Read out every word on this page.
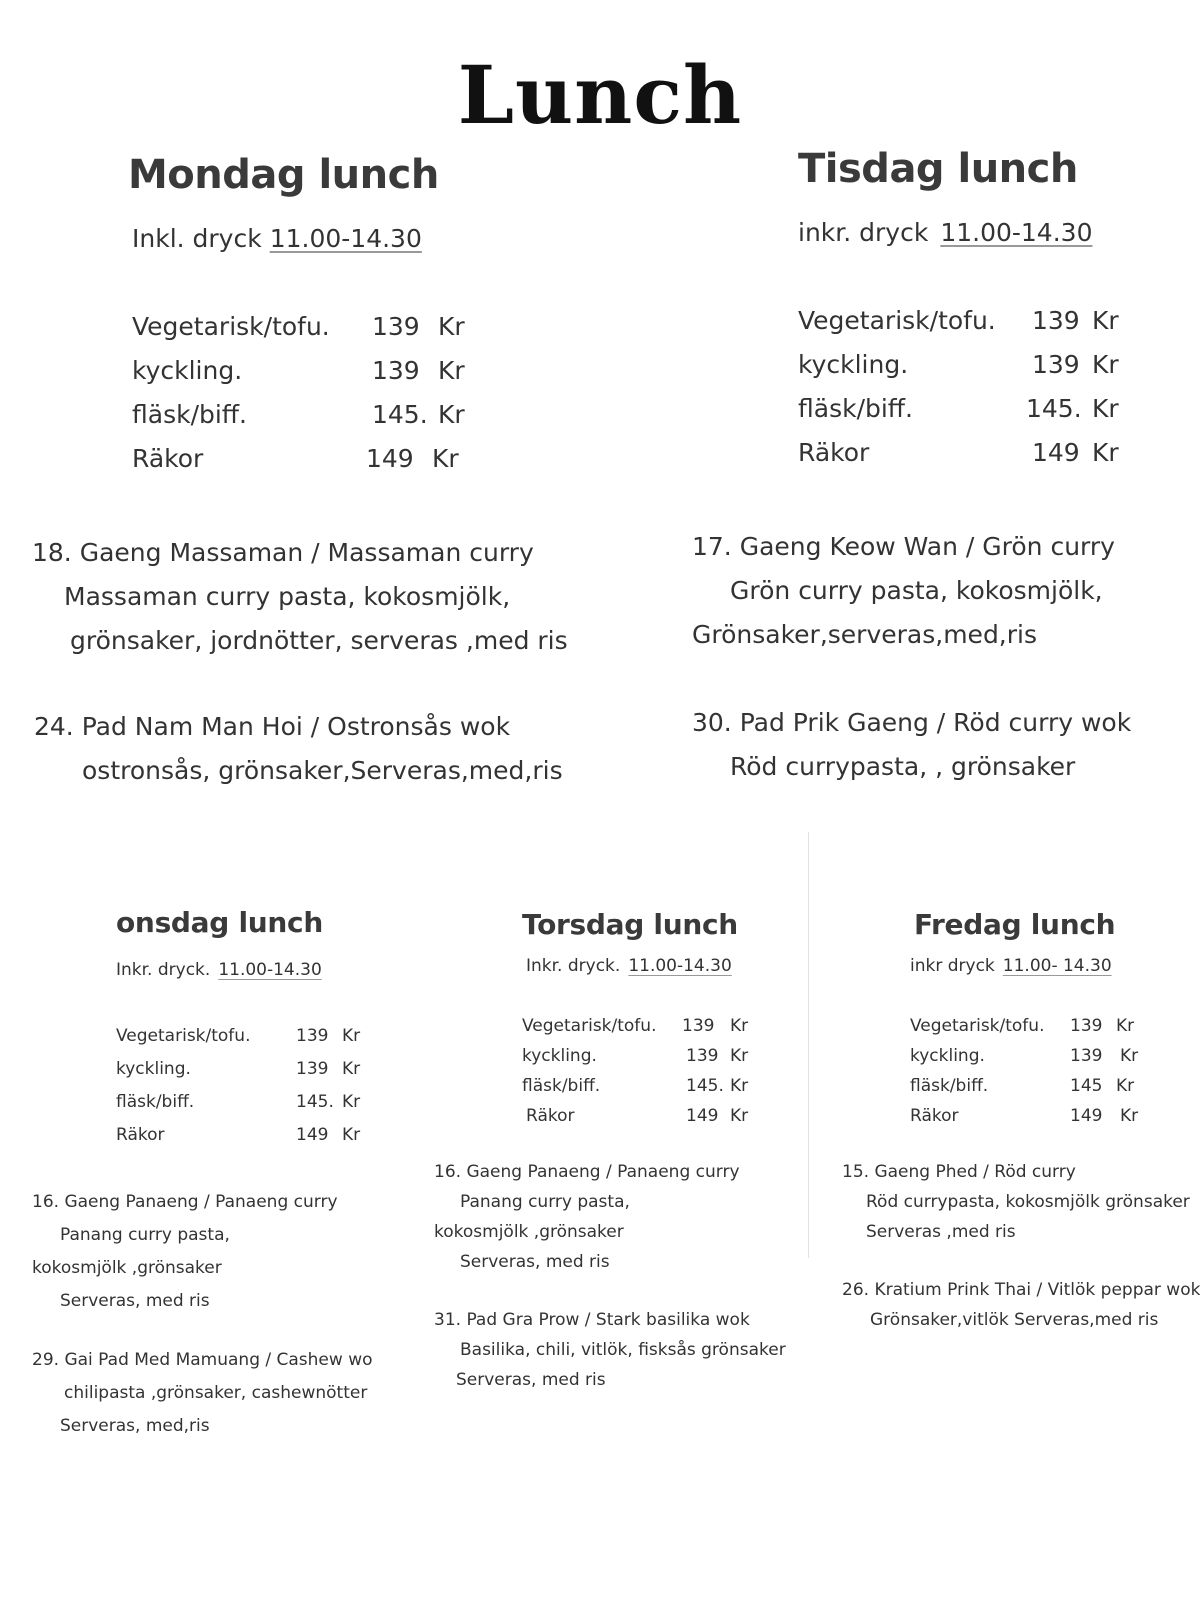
Lunch
Mondag lunch
Inkl. dryck 11.00-14.30
Vegetarisk/tofu. 139 Kr
kyckling.	139 Kr
fläsk/biff.	145. Kr
Räkor	149 Kr
18. Gaeng Massaman / Massaman curry
Massaman curry pasta, kokosmjölk,
grönsaker, jordnötter, serveras ,med ris
24. Pad Nam Man Hoi / Ostronsås wok
ostronsås, grönsaker,Serveras,med,ris
Tisdag lunch
inkr. dryck 11.00-14.30
Vegetarisk/tofu. 139 Kr
kyckling.	139 Kr
fläsk/biff.	145. Kr
Räkor	149 Kr
17. Gaeng Keow Wan / Grön curry
Grön curry pasta, kokosmjölk,
Grönsaker,serveras,med,ris
30. Pad Prik Gaeng / Röd curry wok
Röd currypasta, , grönsaker
onsdag lunch
Inkr. dryck. 11.00-14.30
Vegetarisk/tofu.	139 Kr
kyckling.	139 Kr
fläsk/biff.	145. Kr
Räkor	149 Kr
16. Gaeng Panaeng / Panaeng curry
Panang curry pasta,
kokosmjölk ,grönsaker
Serveras, med ris
29. Gai Pad Med Mamuang / Cashew wo
chilipasta ,grönsaker, cashewnötter
Serveras, med,ris
Torsdag lunch
Inkr. dryck. 11.00-14.30
Vegetarisk/tofu. 139 Kr
kyckling.	139 Kr
fläsk/biff.	145. Kr
Räkor	149 Kr
16. Gaeng Panaeng / Panaeng curry
Panang curry pasta,
kokosmjölk ,grönsaker
Serveras, med ris
31. Pad Gra Prow / Stark basilika wok
Basilika, chili, vitlök, fisksås grönsaker
Serveras, med ris
Fredag lunch
inkr dryck 11.00- 14.30
Vegetarisk/tofu. 139 Kr
kyckling.	139 Kr
fläsk/biff.	145 Kr
Räkor	149 Kr
15. Gaeng Phed / Röd curry
Röd currypasta, kokosmjölk grönsaker
Serveras ,med ris
26. Kratium Prink Thai / Vitlök peppar wok
Grönsaker,vitlök Serveras,med ris
